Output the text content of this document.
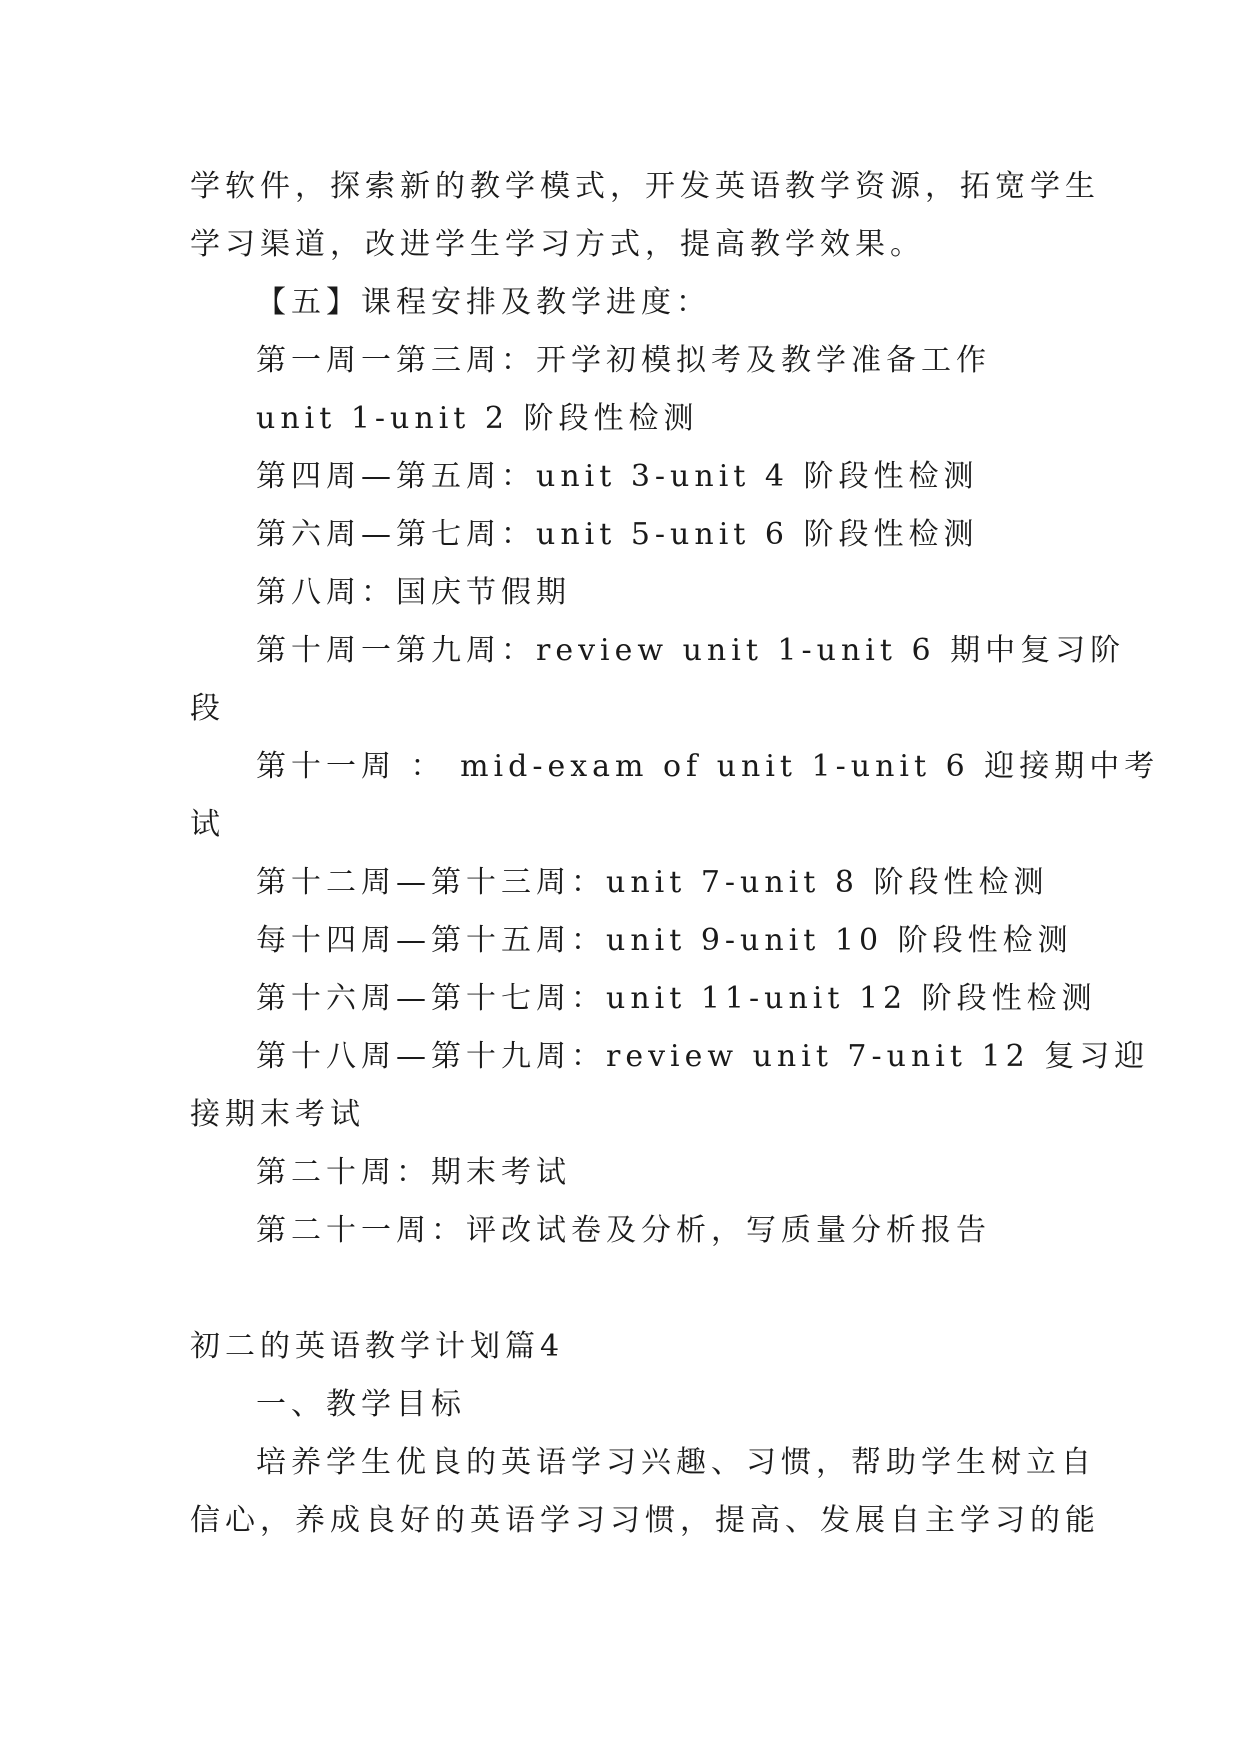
学软件，探索新的教学模式，开发英语教学资源，拓宽学生
学习渠道，改进学生学习方式，提高教学效果。
【五】课程安排及教学进度：
第一周一第三周：开学初模拟考及教学准备工作
unit 1-unit 2 阶段性检测
第四周—第五周：unit 3-unit 4 阶段性检测
第六周—第七周：unit 5-unit 6 阶段性检测
第八周：国庆节假期
第十周一第九周：review unit 1-unit 6 期中复习阶
段
第十一周 ： mid-exam of unit 1-unit 6 迎接期中考
试
第十二周—第十三周：unit 7-unit 8 阶段性检测
每十四周—第十五周：unit 9-unit 10 阶段性检测
第十六周—第十七周：unit 11-unit 12 阶段性检测
第十八周—第十九周：review unit 7-unit 12 复习迎
接期末考试
第二十周：期末考试
第二十一周：评改试卷及分析，写质量分析报告
初二的英语教学计划篇4
一、教学目标
培养学生优良的英语学习兴趣、习惯，帮助学生树立自
信心，养成良好的英语学习习惯，提高、发展自主学习的能
